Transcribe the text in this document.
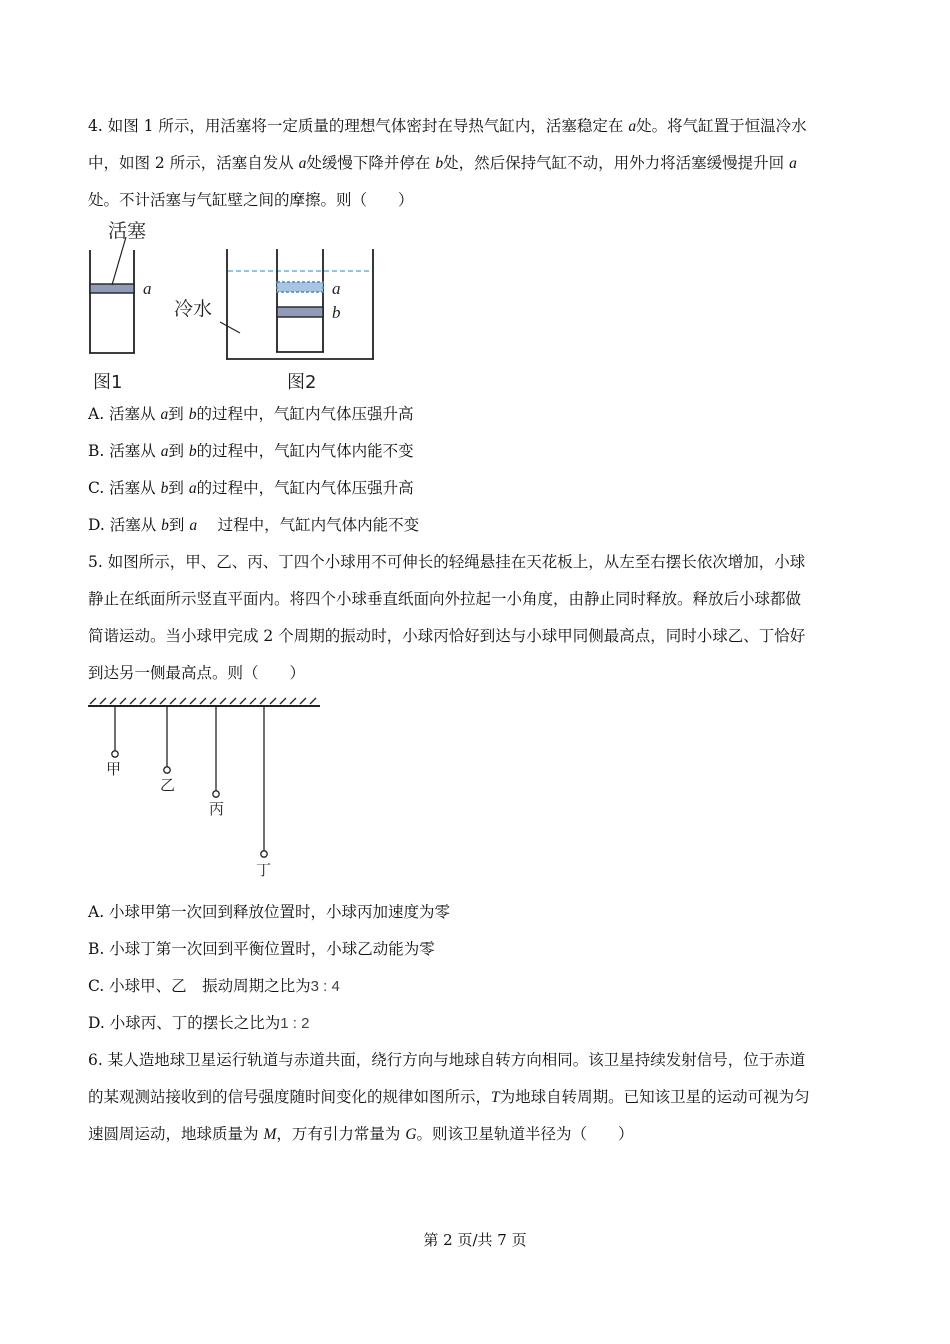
4. 如图 1 所示，用活塞将一定质量的理想气体密封在导热气缸内，活塞稳定在 a处。将气缸置于恒温冷水
中，如图 2 所示，活塞自发从 a处缓慢下降并停在 b处，然后保持气缸不动，用外力将活塞缓慢提升回 a
处。不计活塞与气缸壁之间的摩擦。则（　　）
活塞
a
图1
冷水
a
b
图2
A. 活塞从 a到 b的过程中，气缸内气体压强升高
B. 活塞从 a到 b的过程中，气缸内气体内能不变
C. 活塞从 b到 a的过程中，气缸内气体压强升高
D. 活塞从 b到 a　 过程中，气缸内气体内能不变
5. 如图所示，甲、乙、丙、丁四个小球用不可伸长的轻绳悬挂在天花板上，从左至右摆长依次增加，小球
静止在纸面所示竖直平面内。将四个小球垂直纸面向外拉起一小角度，由静止同时释放。释放后小球都做
简谐运动。当小球甲完成 2 个周期的振动时，小球丙恰好到达与小球甲同侧最高点，同时小球乙、丁恰好
到达另一侧最高点。则（　　）
甲
乙
丙
丁
A. 小球甲第一次回到释放位置时，小球丙加速度为零
B. 小球丁第一次回到平衡位置时，小球乙动能为零
C. 小球甲、乙　振动周期之比为3 : 4
D. 小球丙、丁的摆长之比为1 : 2
6. 某人造地球卫星运行轨道与赤道共面，绕行方向与地球自转方向相同。该卫星持续发射信号，位于赤道
的某观测站接收到的信号强度随时间变化的规律如图所示，T为地球自转周期。已知该卫星的运动可视为匀
速圆周运动，地球质量为 M，万有引力常量为 G。则该卫星轨道半径为（　　）
第 2 页/共 7 页
